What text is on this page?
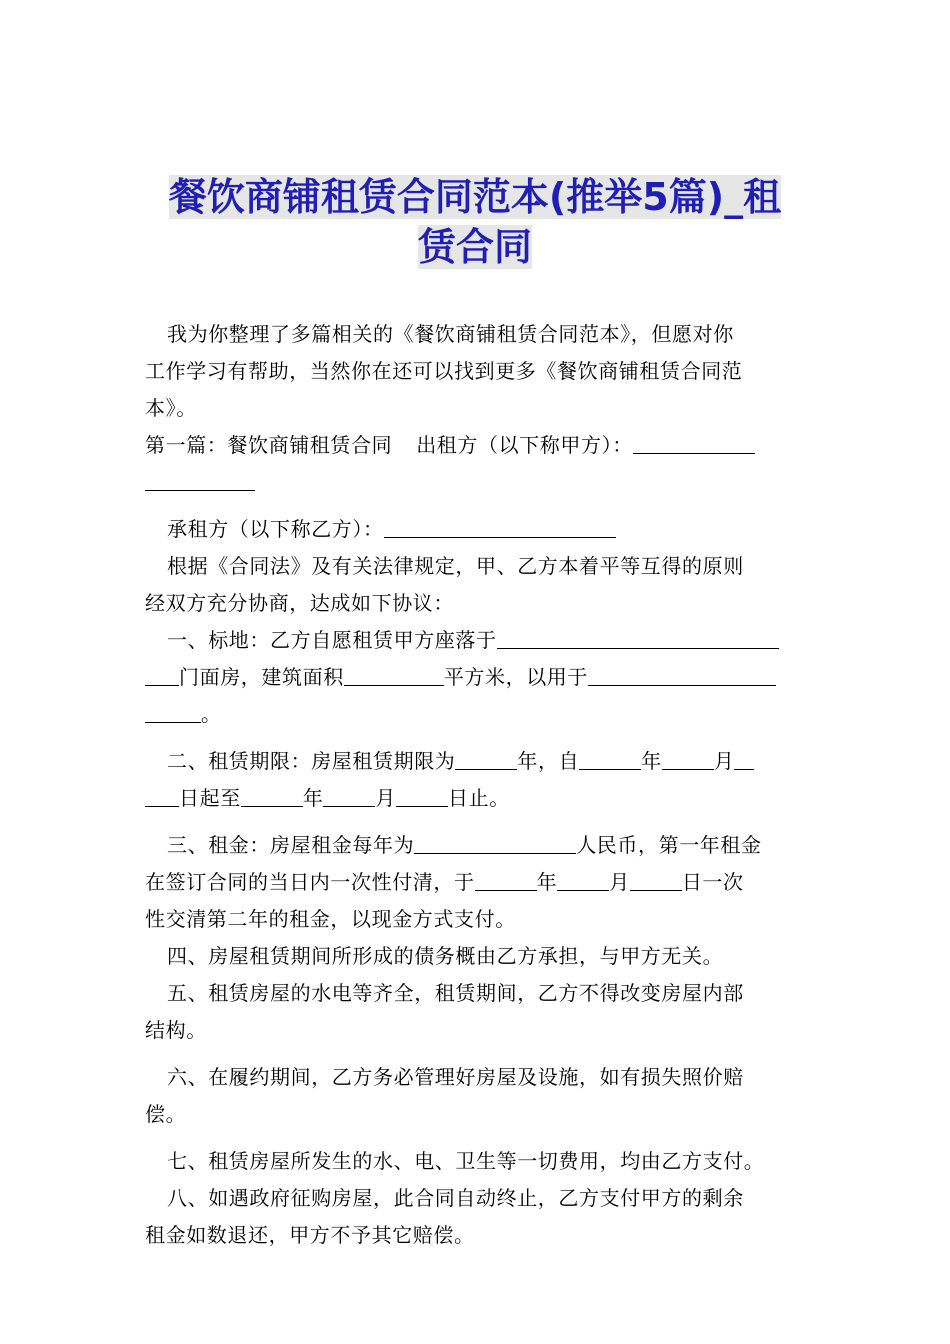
餐饮商铺租赁合同范本(推举5篇)_租
赁合同
我为你整理了多篇相关的《餐饮商铺租赁合同范本》，但愿对你
工作学习有帮助，当然你在还可以找到更多《餐饮商铺租赁合同范
本》。
第一篇：餐饮商铺租赁合同 出租方（以下称甲方）：
承租方（以下称乙方）：
根据《合同法》及有关法律规定，甲、乙方本着平等互得的原则
经双方充分协商，达成如下协议：
一、标地：乙方自愿租赁甲方座落于
门面房，建筑面积	平方米，以用于
。
二、租赁期限：房屋租赁期限为	年，自	年	月
日起至	年	月	日止。
三、租金：房屋租金每年为	人民币，第一年租金
在签订合同的当日内一次性付清，于	年	月	日一次
性交清第二年的租金，以现金方式支付。
四、房屋租赁期间所形成的债务概由乙方承担，与甲方无关。
五、租赁房屋的水电等齐全，租赁期间，乙方不得改变房屋内部
结构。
六、在履约期间，乙方务必管理好房屋及设施，如有损失照价赔
偿。
七、租赁房屋所发生的水、电、卫生等一切费用，均由乙方支付。
八、如遇政府征购房屋，此合同自动终止，乙方支付甲方的剩余
租金如数退还，甲方不予其它赔偿。
